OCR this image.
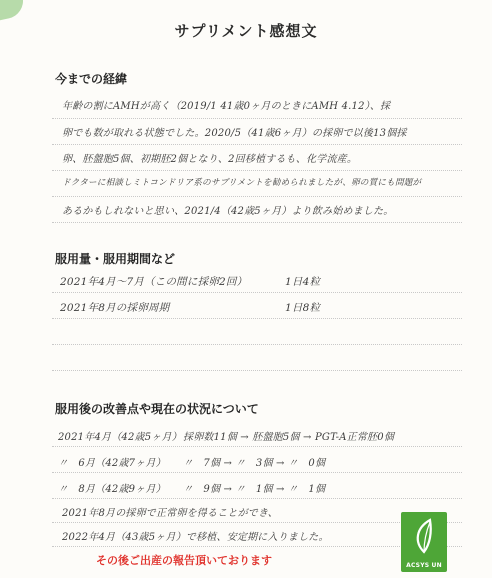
サプリメント感想文
今までの経緯
年齢の割にAMHが高く（2019/1 41歳0ヶ月のときにAMH 4.12）、採
卵でも数が取れる状態でした。2020/5（41歳6ヶ月）の採卵で以後13個採
卵、胚盤胞5個、初期胚2個となり、2回移植するも、化学流産。
ドクターに相談しミトコンドリア系のサプリメントを勧められましたが、卵の質にも問題が
あるかもしれないと思い、2021/4（42歳5ヶ月）より飲み始めました。
服用量・服用期間など
2021年4月〜7月（この間に採卵2回）	1日4粒
2021年8月の採卵周期	1日8粒
服用後の改善点や現在の状況について
2021年4月（42歳5ヶ月） 採卵数11個 → 胚盤胞5個 → PGT-A正常胚0個
〃　6月（42歳7ヶ月） 〃　7個 → 〃　3個 → 〃　0個
〃　8月（42歳9ヶ月） 〃　9個 → 〃　1個 → 〃　1個
2021年8月の採卵で正常卵を得ることができ、
2022年4月（43歳5ヶ月）で移植、安定期に入りました。
その後ご出産の報告頂いております	ACSYS UN
